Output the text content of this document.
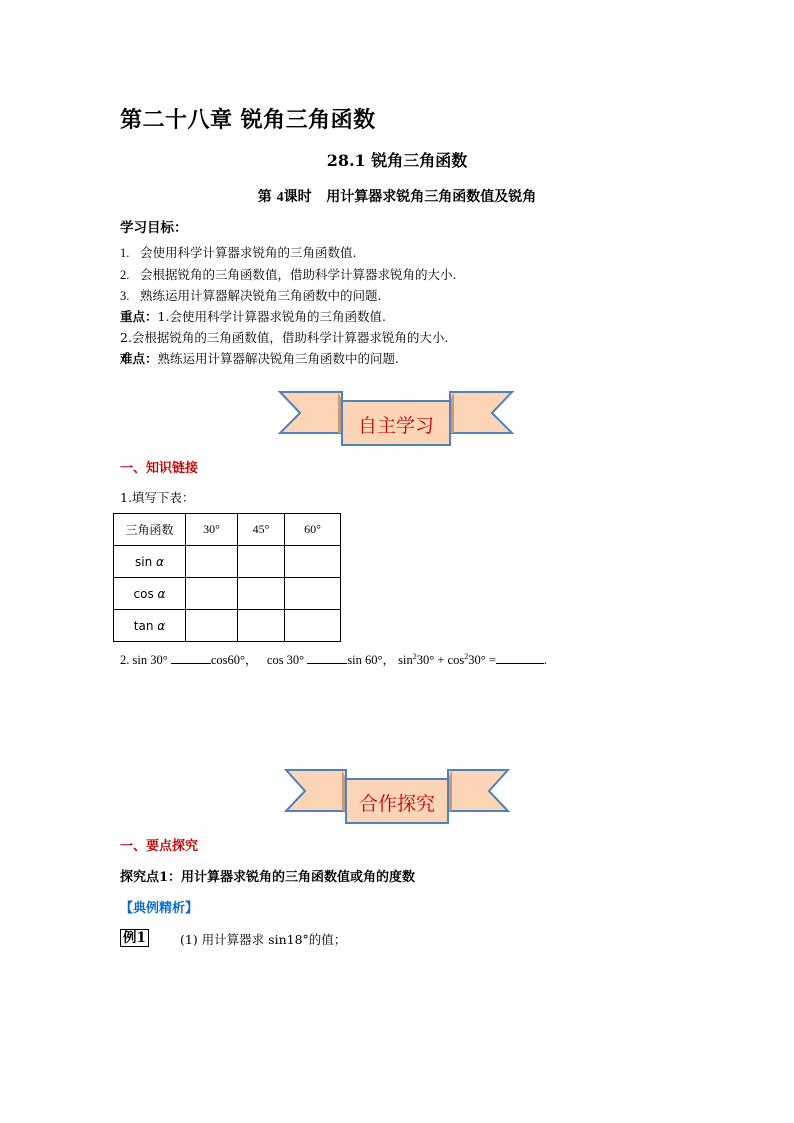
第二十八章 锐角三角函数
28.1 锐角三角函数
第 4课时 用计算器求锐角三角函数值及锐角
学习目标：
1. 会使用科学计算器求锐角的三角函数值.
2. 会根据锐角的三角函数值，借助科学计算器求锐角的大小.
3. 熟练运用计算器解决锐角三角函数中的问题.
重点：1.会使用科学计算器求锐角的三角函数值.
2.会根据锐角的三角函数值，借助科学计算器求锐角的大小.
难点：熟练运用计算器解决锐角三角函数中的问题.
自主学习
一、知识链接
1.填写下表：
三角函数	30°	45°	60°
sin α			
cos α			
tan α			
2. sin 30°	cos60°， cos 30°	sin 60°， $\sin^230^\circ + \cos^230^\circ$ =	.
合作探究
一、要点探究
探究点1：用计算器求锐角的三角函数值或角的度数
【典例精析】
例1	(1) 用计算器求 sin18°的值；
